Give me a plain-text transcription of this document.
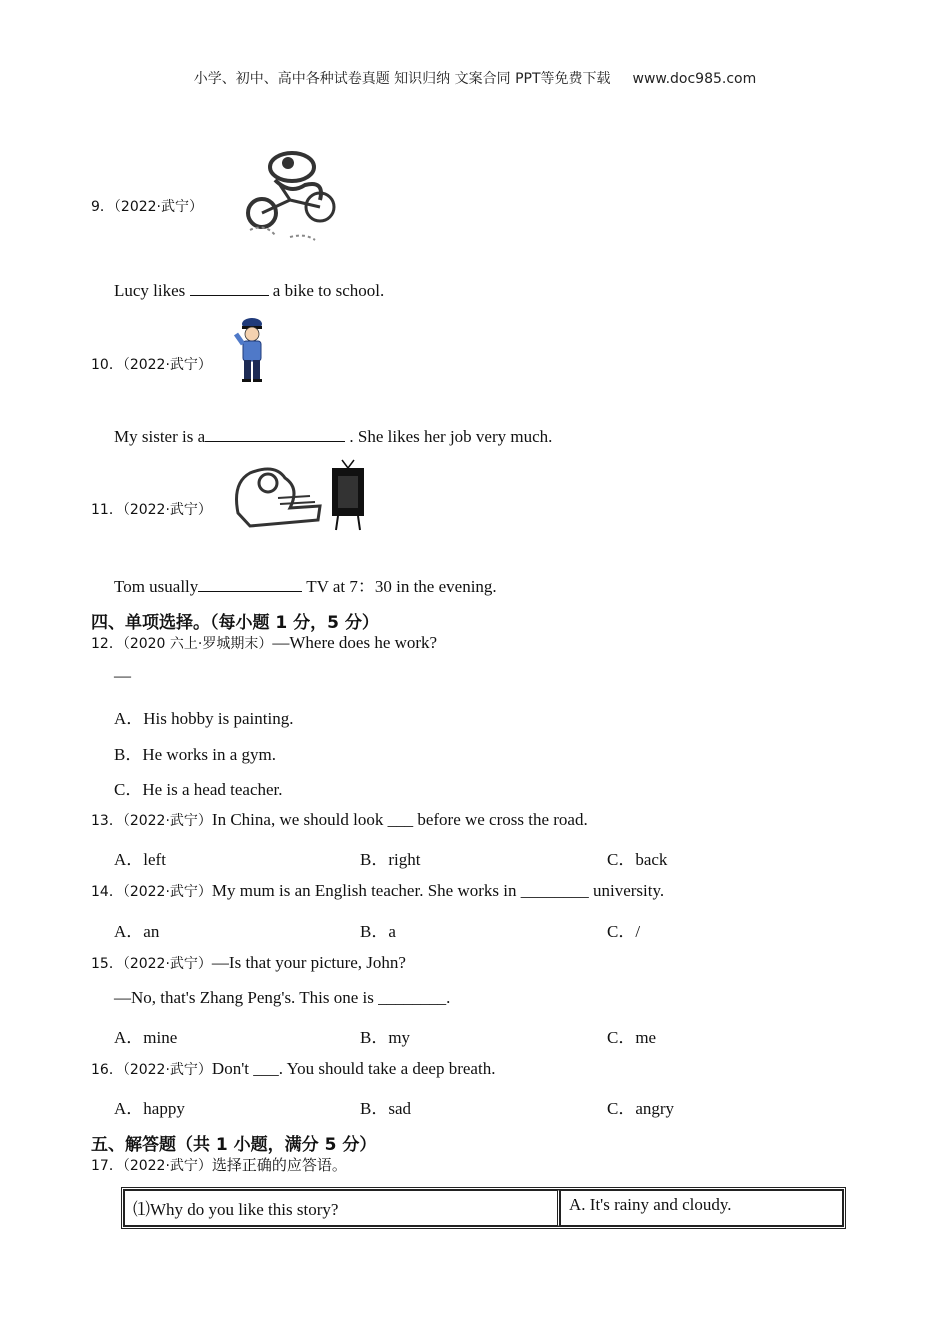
小学、初中、高中各种试卷真题 知识归纳 文案合同 PPT等免费下载 www.doc985.com
9．（2022·武宁）
Lucy likes	a bike to school.
10．（2022·武宁）
My sister is a	. She likes her job very much.
11．（2022·武宁）
Tom usually	TV at 7：30 in the evening.
四、单项选择。（每小题 1 分，5 分）
12．（2020 六上·罗城期末）—Where does he work?
—
A．His hobby is painting.
B．He works in a gym.
C．He is a head teacher.
13．（2022·武宁）In China, we should look ___ before we cross the road.
A．left	B．right	C．back
14．（2022·武宁）My mum is an English teacher. She works in ________ university.
A．an	B．a	C．/
15．（2022·武宁）—Is that your picture, John?
—No, that's Zhang Peng's. This one is ________.
A．mine	B．my	C．me
16．（2022·武宁）Don't ___. You should take a deep breath.
A．happy	B．sad	C．angry
五、解答题（共 1 小题，满分 5 分）
17．（2022·武宁）选择正确的应答语。
⑴Why do you like this story?	A. It's rainy and cloudy.
